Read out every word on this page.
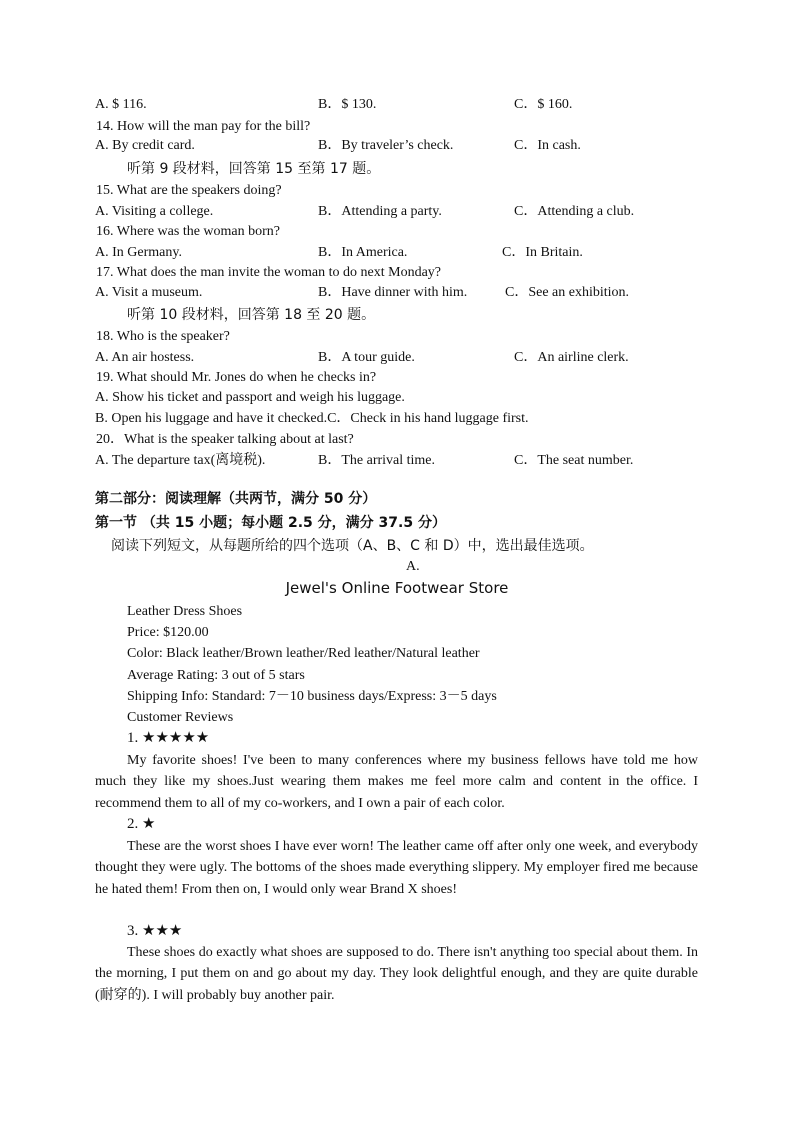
A. $ 116.	B．$ 130.	C．$ 160.
14. How will the man pay for the bill?
A. By credit card.	B．By traveler’s check.	C．In cash.
听第 9 段材料，回答第 15 至第 17 题。
15. What are the speakers doing?
A. Visiting a college.	B．Attending a party.	C．Attending a club.
16. Where was the woman born?
A. In Germany.	B．In America.	C．In Britain.
17. What does the man invite the woman to do next Monday?
A. Visit a museum.	B．Have dinner with him.	C．See an exhibition.
听第 10 段材料，回答第 18 至 20 题。
18. Who is the speaker?
A. An air hostess.	B．A tour guide.	C．An airline clerk.
19. What should Mr. Jones do when he checks in?
A. Show his ticket and passport and weigh his luggage.
B. Open his luggage and have it checked.C．Check in his hand luggage first.
20．What is the speaker talking about at last?
A. The departure tax(离境税).	B．The arrival time.	C．The seat number.
第二部分：阅读理解（共两节，满分 50 分）
第一节 （共 15 小题；每小题 2.5 分，满分 37.5 分）
阅读下列短文，从每题所给的四个选项（A、B、C 和 D）中，选出最佳选项。
A.
Jewel's Online Footwear Store
Leather Dress Shoes
Price: $120.00
Color: Black leather/Brown leather/Red leather/Natural leather
Average Rating: 3 out of 5 stars
Shipping Info: Standard: 7－10 business days/Express: 3－5 days
Customer Reviews
1. ★★★★★
My favorite shoes! I've been to many conferences where my business fellows have told me how much they like my shoes.Just wearing them makes me feel more calm and content in the office. I recommend them to all of my co-workers, and I own a pair of each color.
2. ★
These are the worst shoes I have ever worn! The leather came off after only one week, and everybody thought they were ugly. The bottoms of the shoes made everything slippery. My employer fired me because he hated them! From then on, I would only wear Brand X shoes!
3. ★★★
These shoes do exactly what shoes are supposed to do. There isn't anything too special about them. In the morning, I put them on and go about my day. They look delightful enough, and they are quite durable (耐穿的). I will probably buy another pair.
